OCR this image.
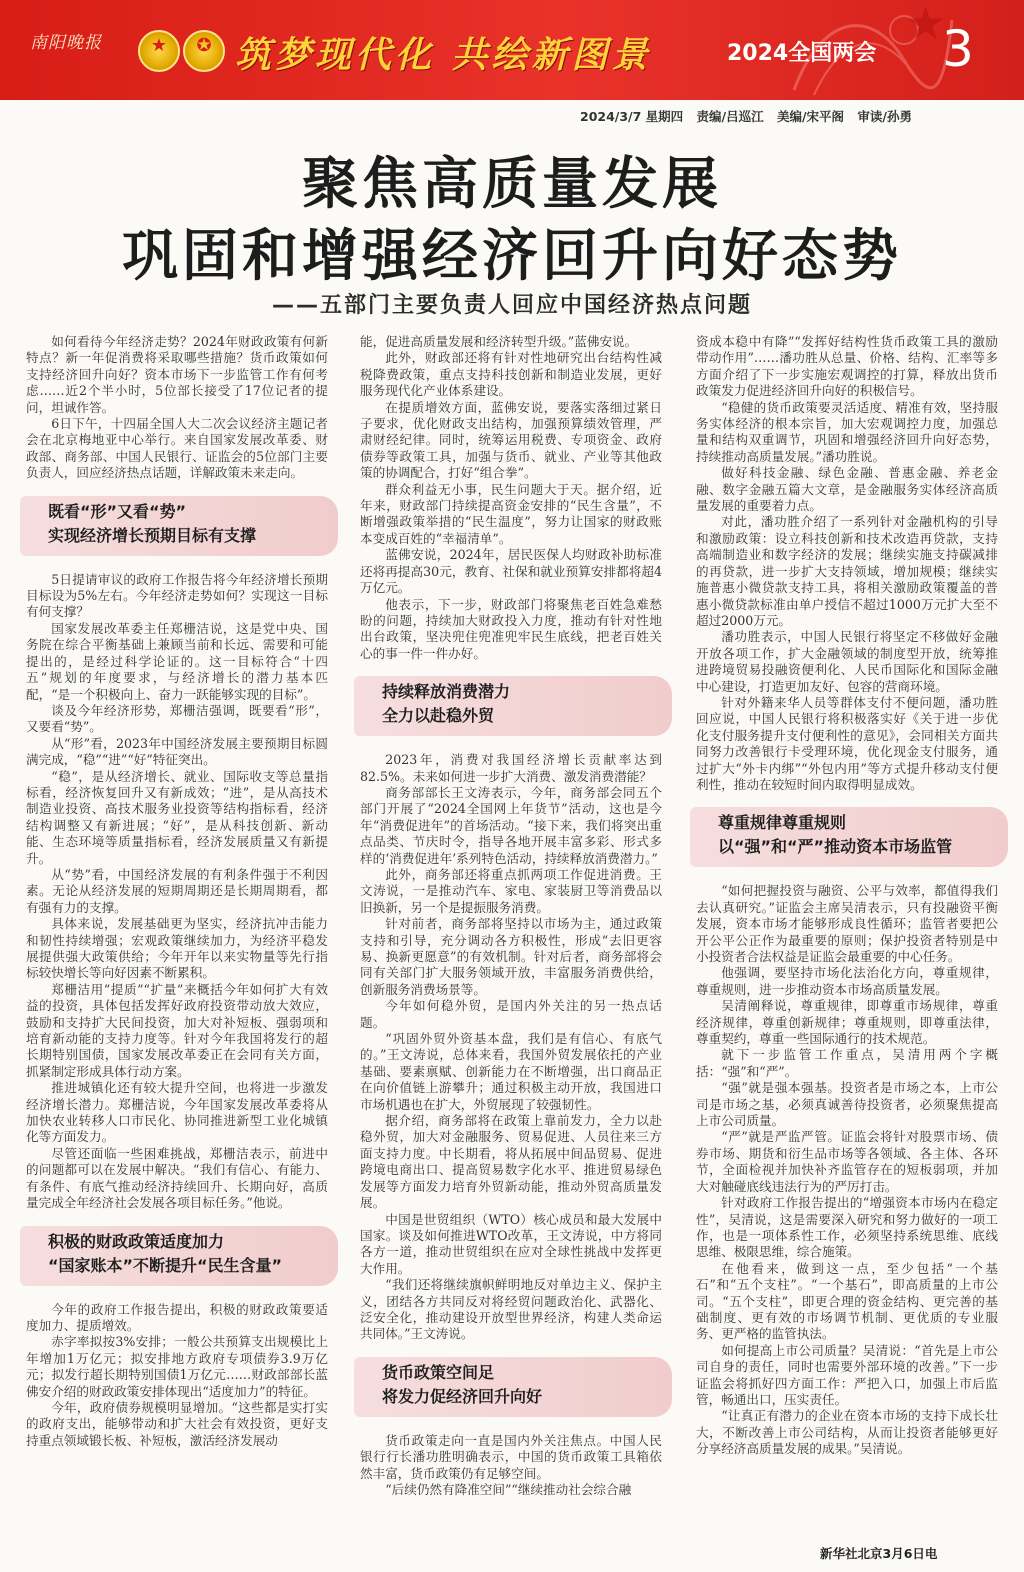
★
南阳晚报	★	✪ 筑梦现代化 共绘新图景	2024全国两会 3
2024/3/7 星期四 责编/吕巡江 美编/宋平阁 审读/孙勇
聚焦高质量发展
巩固和增强经济回升向好态势
——五部门主要负责人回应中国经济热点问题

如何看待今年经济走势？2024年财政政策有何新特点？新一年促消费将采取哪些措施？货币政策如何支持经济回升向好？资本市场下一步监管工作有何考虑……近2个半小时，5位部长接受了17位记者的提问，坦诚作答。

6日下午，十四届全国人大二次会议经济主题记者会在北京梅地亚中心举行。来自国家发展改革委、财政部、商务部、中国人民银行、证监会的5位部门主要负责人，回应经济热点话题，详解政策未来走向。

既看“形”又看“势”
实现经济增长预期目标有支撑

5日提请审议的政府工作报告将今年经济增长预期目标设为5%左右。今年经济走势如何？实现这一目标有何支撑？

国家发展改革委主任郑栅洁说，这是党中央、国务院在综合平衡基础上兼顾当前和长远、需要和可能提出的，是经过科学论证的。这一目标符合“十四五”规划的年度要求，与经济增长的潜力基本匹配，“是一个积极向上、奋力一跃能够实现的目标”。

谈及今年经济形势，郑栅洁强调，既要看“形”，又要看“势”。

从“形”看，2023年中国经济发展主要预期目标圆满完成，“稳”“进”“好”特征突出。

“稳”，是从经济增长、就业、国际收支等总量指标看，经济恢复回升又有新成效；“进”，是从高技术制造业投资、高技术服务业投资等结构指标看，经济结构调整又有新进展；“好”，是从科技创新、新动能、生态环境等质量指标看，经济发展质量又有新提升。

从“势”看，中国经济发展的有利条件强于不利因素。无论从经济发展的短期周期还是长期周期看，都有强有力的支撑。

具体来说，发展基础更为坚实，经济抗冲击能力和韧性持续增强；宏观政策继续加力，为经济平稳发展提供强大政策供给；今年开年以来实物量等先行指标较快增长等向好因素不断累积。

郑栅洁用“提质”“扩量”来概括今年如何扩大有效益的投资，具体包括发挥好政府投资带动放大效应，鼓励和支持扩大民间投资，加大对补短板、强弱项和培育新动能的支持力度等。针对今年我国将发行的超长期特别国债，国家发展改革委正在会同有关方面，抓紧制定形成具体行动方案。

推进城镇化还有较大提升空间，也将进一步激发经济增长潜力。郑栅洁说，今年国家发展改革委将从加快农业转移人口市民化、协同推进新型工业化城镇化等方面发力。

尽管还面临一些困难挑战，郑栅洁表示，前进中的问题都可以在发展中解决。“我们有信心、有能力、有条件、有底气推动经济持续回升、长期向好，高质量完成全年经济社会发展各项目标任务。”他说。

积极的财政政策适度加力
“国家账本”不断提升“民生含量”

今年的政府工作报告提出，积极的财政政策要适度加力、提质增效。

赤字率拟按3%安排；一般公共预算支出规模比上年增加1万亿元；拟安排地方政府专项债券3.9万亿元；拟发行超长期特别国债1万亿元……财政部部长蓝佛安介绍的财政政策安排体现出“适度加力”的特征。

今年，政府债券规模明显增加。“这些都是实打实的政府支出，能够带动和扩大社会有效投资，更好支持重点领域锻长板、补短板，激活经济发展动

能，促进高质量发展和经济转型升级。”蓝佛安说。

此外，财政部还将有针对性地研究出台结构性减税降费政策，重点支持科技创新和制造业发展，更好服务现代化产业体系建设。

在提质增效方面，蓝佛安说，要落实落细过紧日子要求，优化财政支出结构，加强预算绩效管理，严肃财经纪律。同时，统筹运用税费、专项资金、政府债券等政策工具，加强与货币、就业、产业等其他政策的协调配合，打好“组合拳”。

群众利益无小事，民生问题大于天。据介绍，近年来，财政部门持续提高资金安排的“民生含量”，不断增强政策举措的“民生温度”，努力让国家的财政账本变成百姓的“幸福清单”。

蓝佛安说，2024年，居民医保人均财政补助标准还将再提高30元，教育、社保和就业预算安排都将超4万亿元。

他表示，下一步，财政部门将聚焦老百姓急难愁盼的问题，持续加大财政投入力度，推动有针对性地出台政策，坚决兜住兜准兜牢民生底线，把老百姓关心的事一件一件办好。

持续释放消费潜力
全力以赴稳外贸

2023年，消费对我国经济增长贡献率达到82.5%。未来如何进一步扩大消费、激发消费潜能？

商务部部长王文涛表示，今年，商务部会同五个部门开展了“2024全国网上年货节”活动，这也是今年“消费促进年”的首场活动。“接下来，我们将突出重点品类、节庆时令，指导各地开展丰富多彩、形式多样的‘消费促进年’系列特色活动，持续释放消费潜力。”

此外，商务部还将重点抓两项工作促进消费。王文涛说，一是推动汽车、家电、家装厨卫等消费品以旧换新，另一个是提振服务消费。

针对前者，商务部将坚持以市场为主，通过政策支持和引导，充分调动各方积极性，形成“去旧更容易、换新更愿意”的有效机制。针对后者，商务部将会同有关部门扩大服务领域开放，丰富服务消费供给，创新服务消费场景等。

今年如何稳外贸，是国内外关注的另一热点话题。

“巩固外贸外资基本盘，我们是有信心、有底气的。”王文涛说，总体来看，我国外贸发展依托的产业基础、要素禀赋、创新能力在不断增强，出口商品正在向价值链上游攀升；通过积极主动开放，我国进口市场机遇也在扩大，外贸展现了较强韧性。

据介绍，商务部将在政策上靠前发力，全力以赴稳外贸，加大对金融服务、贸易促进、人员往来三方面支持力度。中长期看，将从拓展中间品贸易、促进跨境电商出口、提高贸易数字化水平、推进贸易绿色发展等方面发力培育外贸新动能，推动外贸高质量发展。

中国是世贸组织（WTO）核心成员和最大发展中国家。谈及如何推进WTO改革，王文涛说，中方将同各方一道，推动世贸组织在应对全球性挑战中发挥更大作用。

“我们还将继续旗帜鲜明地反对单边主义、保护主义，团结各方共同反对将经贸问题政治化、武器化、泛安全化，推动建设开放型世界经济，构建人类命运共同体。”王文涛说。

货币政策空间足
将发力促经济回升向好

货币政策走向一直是国内外关注焦点。中国人民银行行长潘功胜明确表示，中国的货币政策工具箱依然丰富，货币政策仍有足够空间。

“后续仍然有降准空间”“继续推动社会综合融

资成本稳中有降”“发挥好结构性货币政策工具的激励带动作用”……潘功胜从总量、价格、结构、汇率等多方面介绍了下一步实施宏观调控的打算，释放出货币政策发力促进经济回升向好的积极信号。

“稳健的货币政策要灵活适度、精准有效，坚持服务实体经济的根本宗旨，加大宏观调控力度，加强总量和结构双重调节，巩固和增强经济回升向好态势，持续推动高质量发展。”潘功胜说。

做好科技金融、绿色金融、普惠金融、养老金融、数字金融五篇大文章，是金融服务实体经济高质量发展的重要着力点。

对此，潘功胜介绍了一系列针对金融机构的引导和激励政策：设立科技创新和技术改造再贷款，支持高端制造业和数字经济的发展；继续实施支持碳减排的再贷款，进一步扩大支持领域，增加规模；继续实施普惠小微贷款支持工具，将相关激励政策覆盖的普惠小微贷款标准由单户授信不超过1000万元扩大至不超过2000万元。

潘功胜表示，中国人民银行将坚定不移做好金融开放各项工作，扩大金融领域的制度型开放，统筹推进跨境贸易投融资便利化、人民币国际化和国际金融中心建设，打造更加友好、包容的营商环境。

针对外籍来华人员等群体支付不便问题，潘功胜回应说，中国人民银行将积极落实好《关于进一步优化支付服务提升支付便利性的意见》，会同相关方面共同努力改善银行卡受理环境，优化现金支付服务，通过扩大“外卡内绑”“外包内用”等方式提升移动支付便利性，推动在较短时间内取得明显成效。

尊重规律尊重规则
以“强”和“严”推动资本市场监管

“如何把握投资与融资、公平与效率，都值得我们去认真研究。”证监会主席吴清表示，只有投融资平衡发展，资本市场才能够形成良性循环；监管者要把公开公平公正作为最重要的原则；保护投资者特别是中小投资者合法权益是证监会最重要的中心任务。

他强调，要坚持市场化法治化方向，尊重规律，尊重规则，进一步推动资本市场高质量发展。

吴清阐释说，尊重规律，即尊重市场规律，尊重经济规律，尊重创新规律；尊重规则，即尊重法律，尊重契约，尊重一些国际通行的技术规范。

就下一步监管工作重点，吴清用两个字概括：“强”和“严”。

“强”就是强本强基。投资者是市场之本，上市公司是市场之基，必须真诚善待投资者，必须聚焦提高上市公司质量。

“严”就是严监严管。证监会将针对股票市场、债券市场、期货和衍生品市场等各领域、各主体、各环节，全面检视并加快补齐监管存在的短板弱项，并加大对触碰底线违法行为的严厉打击。

针对政府工作报告提出的“增强资本市场内在稳定性”，吴清说，这是需要深入研究和努力做好的一项工作，也是一项体系性工作，必须坚持系统思维、底线思维、极限思维，综合施策。

在他看来，做到这一点，至少包括“一个基石”和“五个支柱”。“一个基石”，即高质量的上市公司。“五个支柱”，即更合理的资金结构、更完善的基础制度、更有效的市场调节机制、更优质的专业服务、更严格的监管执法。

如何提高上市公司质量？吴清说：“首先是上市公司自身的责任，同时也需要外部环境的改善。”下一步证监会将抓好四方面工作：严把入口，加强上市后监管，畅通出口，压实责任。

“让真正有潜力的企业在资本市场的支持下成长壮大，不断改善上市公司结构，从而让投资者能够更好分享经济高质量发展的成果。”吴清说。

新华社北京3月6日电
